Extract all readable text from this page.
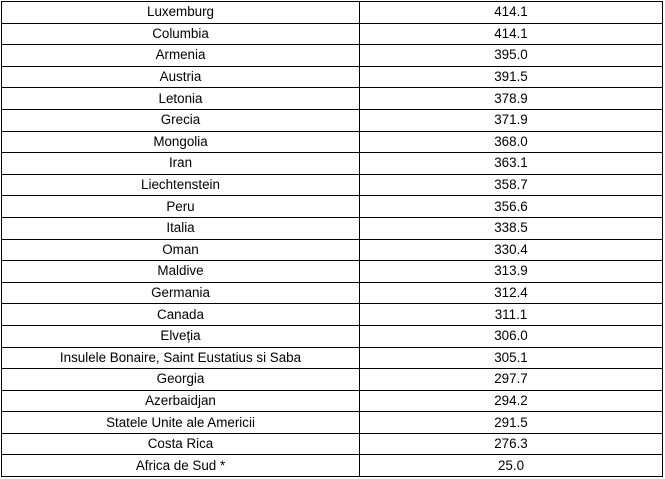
Luxemburg	414.1
Columbia	414.1
Armenia	395.0
Austria	391.5
Letonia	378.9
Grecia	371.9
Mongolia	368.0
Iran	363.1
Liechtenstein	358.7
Peru	356.6
Italia	338.5
Oman	330.4
Maldive	313.9
Germania	312.4
Canada	311.1
Elveția	306.0
Insulele Bonaire, Saint Eustatius si Saba	305.1
Georgia	297.7
Azerbaidjan	294.2
Statele Unite ale Americii	291.5
Costa Rica	276.3
Africa de Sud *	25.0
